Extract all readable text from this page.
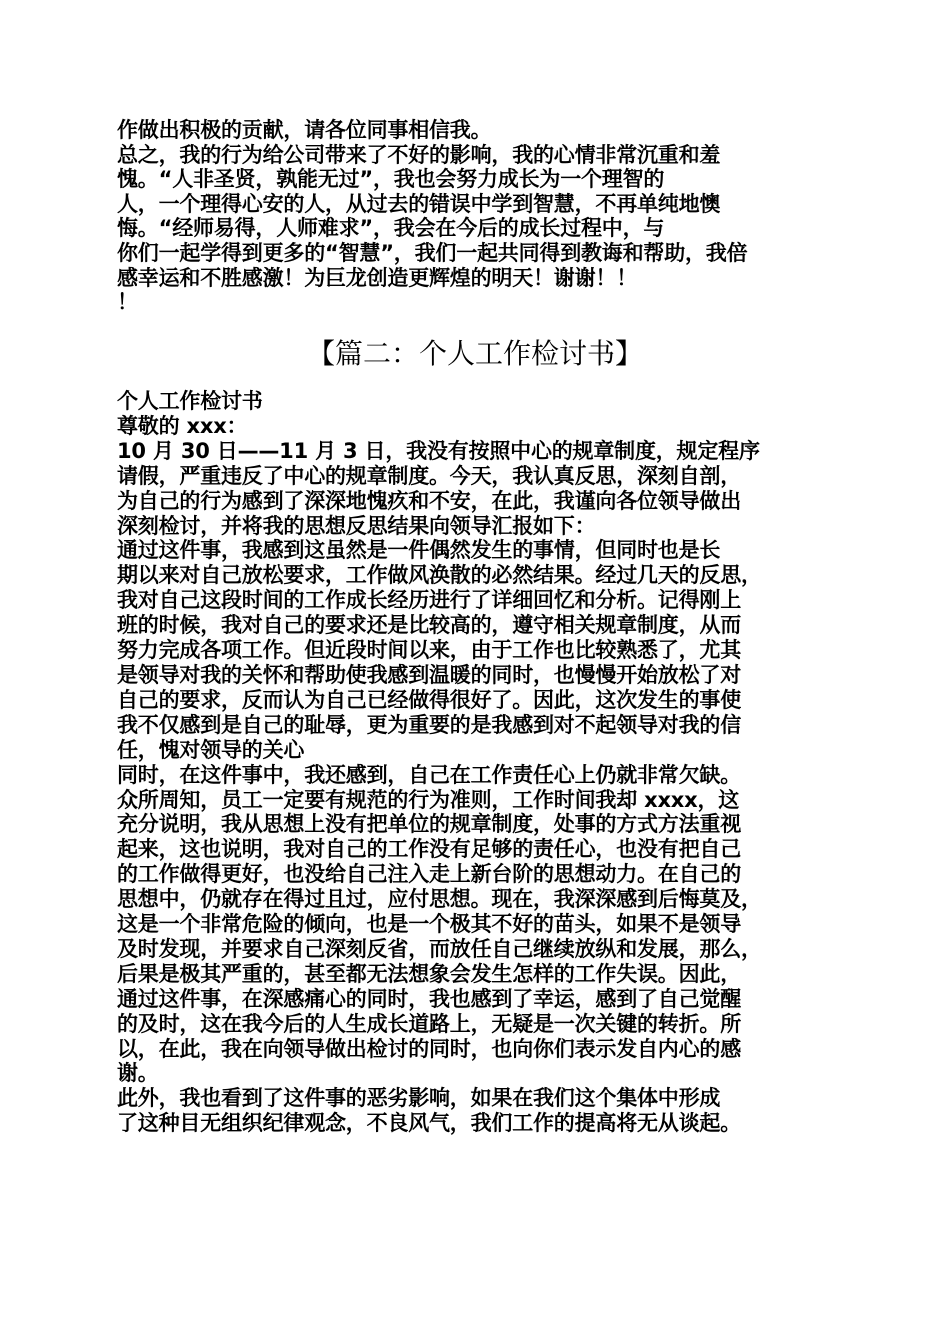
作做出积极的贡献，请各位同事相信我。
总之，我的行为给公司带来了不好的影响，我的心情非常沉重和羞
愧。“人非圣贤，孰能无过”，我也会努力成长为一个理智的
人，一个理得心安的人，从过去的错误中学到智慧，不再单纯地懊
悔。“经师易得，人师难求”，我会在今后的成长过程中，与
你们一起学得到更多的“智慧”，我们一起共同得到教诲和帮助，我倍
感幸运和不胜感激！为巨龙创造更辉煌的明天！谢谢！！
！
【篇二：个人工作检讨书】
个人工作检讨书
尊敬的 xxx：
10 月 30 日——11 月 3 日，我没有按照中心的规章制度，规定程序
请假，严重违反了中心的规章制度。今天，我认真反思，深刻自剖，
为自己的行为感到了深深地愧疚和不安，在此，我谨向各位领导做出
深刻检讨，并将我的思想反思结果向领导汇报如下：
通过这件事，我感到这虽然是一件偶然发生的事情，但同时也是长
期以来对自己放松要求，工作做风涣散的必然结果。经过几天的反思，
我对自己这段时间的工作成长经历进行了详细回忆和分析。记得刚上
班的时候，我对自己的要求还是比较高的，遵守相关规章制度，从而
努力完成各项工作。但近段时间以来，由于工作也比较熟悉了，尤其
是领导对我的关怀和帮助使我感到温暖的同时，也慢慢开始放松了对
自己的要求，反而认为自己已经做得很好了。因此，这次发生的事使
我不仅感到是自己的耻辱，更为重要的是我感到对不起领导对我的信
任，愧对领导的关心
同时，在这件事中，我还感到，自己在工作责任心上仍就非常欠缺。
众所周知，员工一定要有规范的行为准则，工作时间我却 xxxx，这
充分说明，我从思想上没有把单位的规章制度，处事的方式方法重视
起来，这也说明，我对自己的工作没有足够的责任心，也没有把自己
的工作做得更好，也没给自己注入走上新台阶的思想动力。在自己的
思想中，仍就存在得过且过，应付思想。现在，我深深感到后悔莫及，
这是一个非常危险的倾向，也是一个极其不好的苗头，如果不是领导
及时发现，并要求自己深刻反省，而放任自己继续放纵和发展，那么，
后果是极其严重的，甚至都无法想象会发生怎样的工作失误。因此，
通过这件事，在深感痛心的同时，我也感到了幸运，感到了自己觉醒
的及时，这在我今后的人生成长道路上，无疑是一次关键的转折。所
以，在此，我在向领导做出检讨的同时，也向你们表示发自内心的感
谢。
此外，我也看到了这件事的恶劣影响，如果在我们这个集体中形成
了这种目无组织纪律观念，不良风气，我们工作的提高将无从谈起。
